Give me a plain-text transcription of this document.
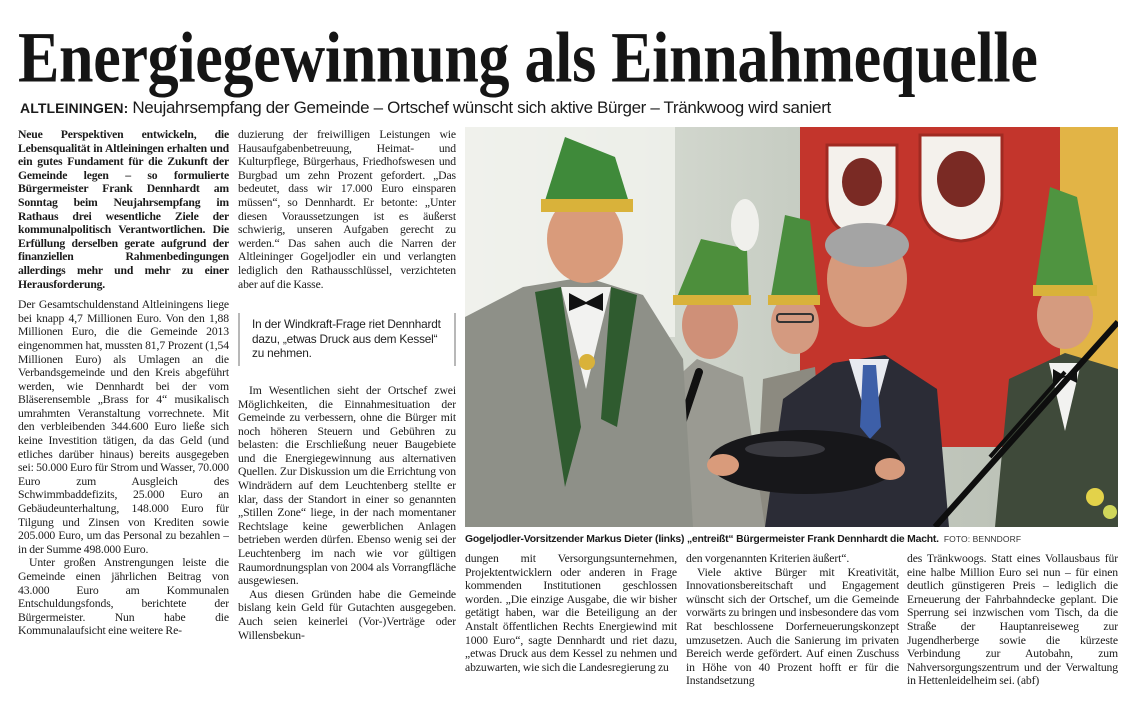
Energiegewinnung als Einnahmequelle
ALTLEININGEN: Neujahrsempfang der Gemeinde – Ortschef wünscht sich aktive Bürger – Tränkwoog wird saniert

Neue Perspektiven entwickeln, die Lebensqualität in Altleiningen erhalten und ein gutes Fundament für die Zukunft der Gemeinde legen – so formulierte Bürgermeister Frank Dennhardt am Sonntag beim Neujahrsempfang im Rathaus drei wesentliche Ziele der kommunalpolitisch Verantwortlichen. Die Erfüllung derselben gerate aufgrund der finanziellen Rahmenbedingungen allerdings mehr und mehr zu einer Herausforderung.

Der Gesamtschuldenstand Altleiningens liege bei knapp 4,7 Millionen Euro. Von den 1,88 Millionen Euro, die die Gemeinde 2013 eingenommen hat, mussten 81,7 Prozent (1,54 Millionen Euro) als Umlagen an die Verbandsgemeinde und den Kreis abgeführt werden, wie Dennhardt bei der vom Bläserensemble „Brass for 4“ musikalisch umrahmten Veranstaltung vorrechnete. Mit den verbleibenden 344.600 Euro ließe sich keine Investition tätigen, da das Geld (und etliches darüber hinaus) bereits ausgegeben sei: 50.000 Euro für Strom und Wasser, 70.000 Euro zum Ausgleich des Schwimmbaddefizits, 25.000 Euro an Gebäudeunterhaltung, 148.000 Euro für Tilgung und Zinsen von Krediten sowie 205.000 Euro, um das Personal zu bezahlen – in der Summe 498.000 Euro.

Unter großen Anstrengungen leiste die Gemeinde einen jährlichen Beitrag von 43.000 Euro am Kommunalen Entschuldungsfonds, berichtete der Bürgermeister. Nun habe die Kommunalaufsicht eine weitere Re-

duzierung der freiwilligen Leistungen wie Hausaufgabenbetreuung, Heimat- und Kulturpflege, Bürgerhaus, Friedhofswesen und Burgbad um zehn Prozent gefordert. „Das bedeutet, dass wir 17.000 Euro einsparen müssen“, so Dennhardt. Er betonte: „Unter diesen Voraussetzungen ist es äußerst schwierig, unseren Aufgaben gerecht zu werden.“ Das sahen auch die Narren der Altleininger Gogeljodler ein und verlangten lediglich den Rathausschlüssel, verzichteten aber auf die Kasse.

In der Windkraft-Frage riet Dennhardt dazu, „etwas Druck aus dem Kessel“ zu nehmen.

Im Wesentlichen sieht der Ortschef zwei Möglichkeiten, die Einnahmesituation der Gemeinde zu verbessern, ohne die Bürger mit noch höheren Steuern und Gebühren zu belasten: die Erschließung neuer Baugebiete und die Energiegewinnung aus alternativen Quellen. Zur Diskussion um die Errichtung von Windrädern auf dem Leuchtenberg stellte er klar, dass der Standort in einer so genannten „Stillen Zone“ liege, in der nach momentaner Rechtslage keine gewerblichen Anlagen betrieben werden dürfen. Ebenso wenig sei der Leuchtenberg im nach wie vor gültigen Raumordnungsplan von 2004 als Vorrangfläche ausgewiesen.

Aus diesen Gründen habe die Gemeinde bislang kein Geld für Gutachten ausgegeben. Auch seien keinerlei (Vor-)Verträge oder Willensbekun-

Gogeljodler-Vorsitzender Markus Dieter (links) „entreißt“ Bürgermeister Frank Dennhardt die Macht. FOTO: BENNDORF

dungen mit Versorgungsunternehmen, Projektentwicklern oder anderen in Frage kommenden Institutionen geschlossen worden. „Die einzige Ausgabe, die wir bisher getätigt haben, war die Beteiligung an der Anstalt öffentlichen Rechts Energiewind mit 1000 Euro“, sagte Dennhardt und riet dazu, „etwas Druck aus dem Kessel zu nehmen und abzuwarten, wie sich die Landesregierung zu

den vorgenannten Kriterien äußert“.

Viele aktive Bürger mit Kreativität, Innovationsbereitschaft und Engagement wünscht sich der Ortschef, um die Gemeinde vorwärts zu bringen und insbesondere das vom Rat beschlossene Dorferneuerungskonzept umzusetzen. Auch die Sanierung im privaten Bereich werde gefördert. Auf einen Zuschuss in Höhe von 40 Prozent hofft er für die Instandsetzung

des Tränkwoogs. Statt eines Vollausbaus für eine halbe Million Euro sei nun – für einen deutlich günstigeren Preis – lediglich die Erneuerung der Fahrbahndecke geplant. Die Sperrung sei inzwischen vom Tisch, da die Straße der Hauptanreiseweg zur Jugendherberge sowie die kürzeste Verbindung zur Autobahn, zum Nahversorgungszentrum und der Verwaltung in Hettenleidelheim sei. (abf)
